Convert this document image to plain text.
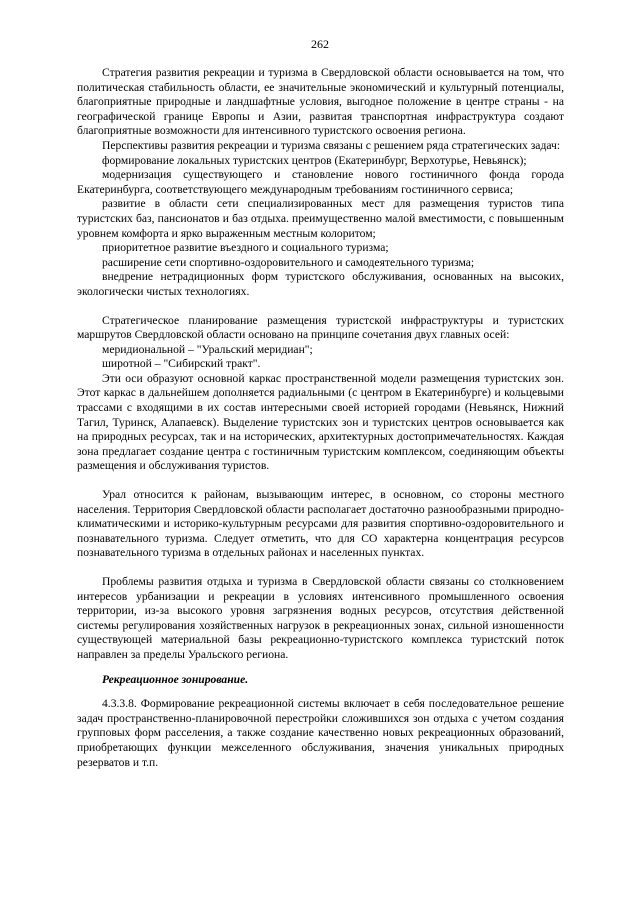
262

Стратегия развития рекреации и туризма в Свердловской области основывается на том, что политическая стабильность области, ее значительные экономический и культурный потенциалы, благоприятные природные и ландшафтные условия, выгодное положение в центре страны - на географической границе Европы и Азии, развитая транспортная инфраструктура создают благоприятные возможности для интенсивного туристского освоения региона.

Перспективы развития рекреации и туризма связаны с решением ряда стратегических задач:

формирование локальных туристских центров (Екатеринбург, Верхотурье, Невьянск);

модернизация существующего и становление нового гостиничного фонда города Екатеринбурга, соответствующего международным требованиям гостиничного сервиса;

развитие в области сети специализированных мест для размещения туристов типа туристских баз, пансионатов и баз отдыха. преимущественно малой вместимости, с повышенным уровнем комфорта и ярко выраженным местным колоритом;

приоритетное развитие въездного и социального туризма;

расширение сети спортивно-оздоровительного и самодеятельного туризма;

внедрение нетрадиционных форм туристского обслуживания, основанных на высоких, экологически чистых технологиях.

Стратегическое планирование размещения туристской инфраструктуры и туристских маршрутов Свердловской области основано на принципе сочетания двух главных осей:

меридиональной – "Уральский меридиан";

широтной – "Сибирский тракт".

Эти оси образуют основной каркас пространственной модели размещения туристских зон. Этот каркас в дальнейшем дополняется радиальными (с центром в Екатеринбурге) и кольцевыми трассами с входящими в их состав интересными своей историей городами (Невьянск, Нижний Тагил, Туринск, Алапаевск). Выделение туристских зон и туристских центров основывается как на природных ресурсах, так и на исторических, архитектурных достопримечательностях. Каждая зона предлагает создание центра с гостиничным туристским комплексом, соединяющим объекты размещения и обслуживания туристов.

Урал относится к районам, вызывающим интерес, в основном, со стороны местного населения. Территория Свердловской области располагает достаточно разнообразными природно-климатическими и историко-культурным ресурсами для развития спортивно-оздоровительного и познавательного туризма. Следует отметить, что для СО характерна концентрация ресурсов познавательного туризма в отдельных районах и населенных пунктах.

Проблемы развития отдыха и туризма в Свердловской области связаны со столкновением интересов урбанизации и рекреации в условиях интенсивного промышленного освоения территории, из-за высокого уровня загрязнения водных ресурсов, отсутствия действенной системы регулирования хозяйственных нагрузок в рекреационных зонах, сильной изношенности существующей материальной базы рекреационно-туристского комплекса туристский поток направлен за пределы Уральского региона.

Рекреационное зонирование.

4.3.3.8. Формирование рекреационной системы включает в себя последовательное решение задач пространственно-планировочной перестройки сложившихся зон отдыха с учетом создания групповых форм расселения, а также создание качественно новых рекреационных образований, приобретающих функции межселенного обслуживания, значения уникальных природных резерватов и т.п.
